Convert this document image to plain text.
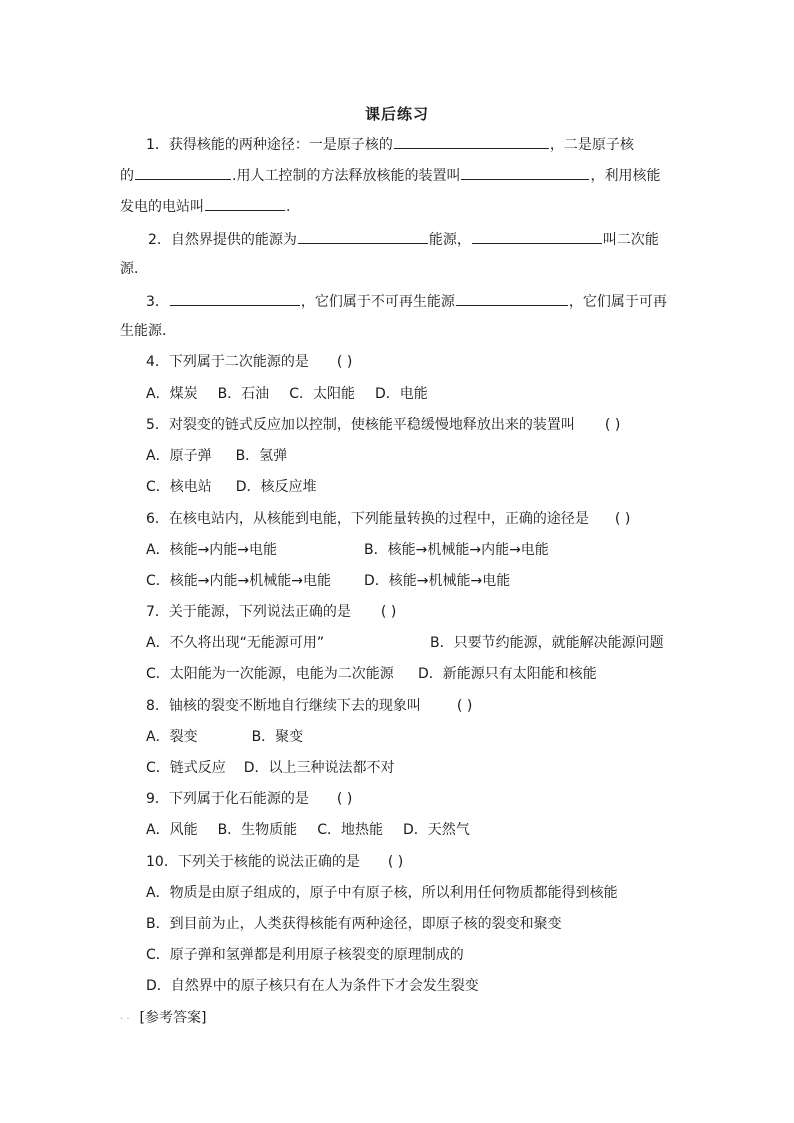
课后练习
1．获得核能的两种途径：一是原子核的	，二是原子核
的	.用人工控制的方法释放核能的装置叫	，利用核能
发电的电站叫	.
2．自然界提供的能源为	能源，	叫二次能
源．
3．	，它们属于不可再生能源	，它们属于可再
生能源．
4．下列属于二次能源的是 ( )
A．煤炭 B．石油 C．太阳能 D．电能
5．对裂变的链式反应加以控制，使核能平稳缓慢地释放出来的装置叫 ( )
A．原子弹 B．氢弹
C．核电站 D．核反应堆
6．在核电站内，从核能到电能，下列能量转换的过程中，正确的途径是 ( )
A．核能→内能→电能	B．核能→机械能→内能→电能
C．核能→内能→机械能→电能 D．核能→机械能→电能
7．关于能源，下列说法正确的是 ( )
A．不久将出现“无能源可用”	B．只要节约能源，就能解决能源问题
C．太阳能为一次能源，电能为二次能源 D．新能源只有太阳能和核能
8．铀核的裂变不断地自行继续下去的现象叫	( )
A．裂变	B．聚变
C．链式反应 D．以上三种说法都不对
9．下列属于化石能源的是 ( )
A．风能 B．生物质能 C．地热能 D．天然气
10．下列关于核能的说法正确的是 ( )
A．物质是由原子组成的，原子中有原子核，所以利用任何物质都能得到核能
B．到目前为止，人类获得核能有两种途径，即原子核的裂变和聚变
C．原子弹和氢弹都是利用原子核裂变的原理制成的
D．自然界中的原子核只有在人为条件下才会发生裂变
· · [参考答案]
